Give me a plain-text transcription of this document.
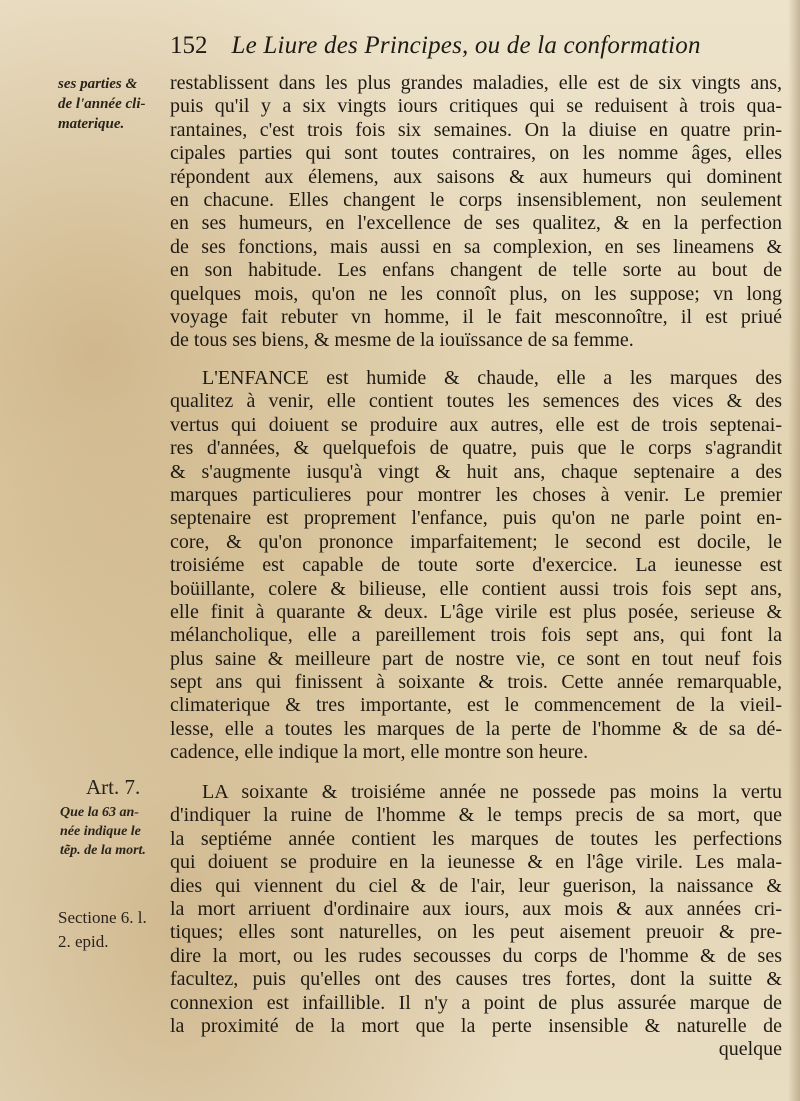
152 Le Liure des Principes, ou de la conformation
ses parties &
de l'année cli-
materique.
Art. 7.
Que la 63 an-
née indique le
tẽp. de la mort.
Sectione 6. l.
2. epid.
restablissent dans les plus grandes maladies, elle est de six vingts ans,
puis qu'il y a six vingts iours critiques qui se reduisent à trois qua-
rantaines, c'est trois fois six semaines. On la diuise en quatre prin-
cipales parties qui sont toutes contraires, on les nomme âges, elles
répondent aux élemens, aux saisons & aux humeurs qui dominent
en chacune. Elles changent le corps insensiblement, non seulement
en ses humeurs, en l'excellence de ses qualitez, & en la perfection
de ses fonctions, mais aussi en sa complexion, en ses lineamens &
en son habitude. Les enfans changent de telle sorte au bout de
quelques mois, qu'on ne les connoît plus, on les suppose; vn long
voyage fait rebuter vn homme, il le fait mesconnoître, il est priué
de tous ses biens, & mesme de la iouïssance de sa femme.
L'ENFANCE est humide & chaude, elle a les marques des
qualitez à venir, elle contient toutes les semences des vices & des
vertus qui doiuent se produire aux autres, elle est de trois septenai-
res d'années, & quelquefois de quatre, puis que le corps s'agrandit
& s'augmente iusqu'à vingt & huit ans, chaque septenaire a des
marques particulieres pour montrer les choses à venir. Le premier
septenaire est proprement l'enfance, puis qu'on ne parle point en-
core, & qu'on prononce imparfaitement; le second est docile, le
troisiéme est capable de toute sorte d'exercice. La ieunesse est
boüillante, colere & bilieuse, elle contient aussi trois fois sept ans,
elle finit à quarante & deux. L'âge virile est plus posée, serieuse &
mélancholique, elle a pareillement trois fois sept ans, qui font la
plus saine & meilleure part de nostre vie, ce sont en tout neuf fois
sept ans qui finissent à soixante & trois. Cette année remarquable,
climaterique & tres importante, est le commencement de la vieil-
lesse, elle a toutes les marques de la perte de l'homme & de sa dé-
cadence, elle indique la mort, elle montre son heure.
LA soixante & troisiéme année ne possede pas moins la vertu
d'indiquer la ruine de l'homme & le temps precis de sa mort, que
la septiéme année contient les marques de toutes les perfections
qui doiuent se produire en la ieunesse & en l'âge virile. Les mala-
dies qui viennent du ciel & de l'air, leur guerison, la naissance &
la mort arriuent d'ordinaire aux iours, aux mois & aux années cri-
tiques; elles sont naturelles, on les peut aisement preuoir & pre-
dire la mort, ou les rudes secousses du corps de l'homme & de ses
facultez, puis qu'elles ont des causes tres fortes, dont la suitte &
connexion est infaillible. Il n'y a point de plus assurée marque de
la proximité de la mort que la perte insensible & naturelle de
quelque
